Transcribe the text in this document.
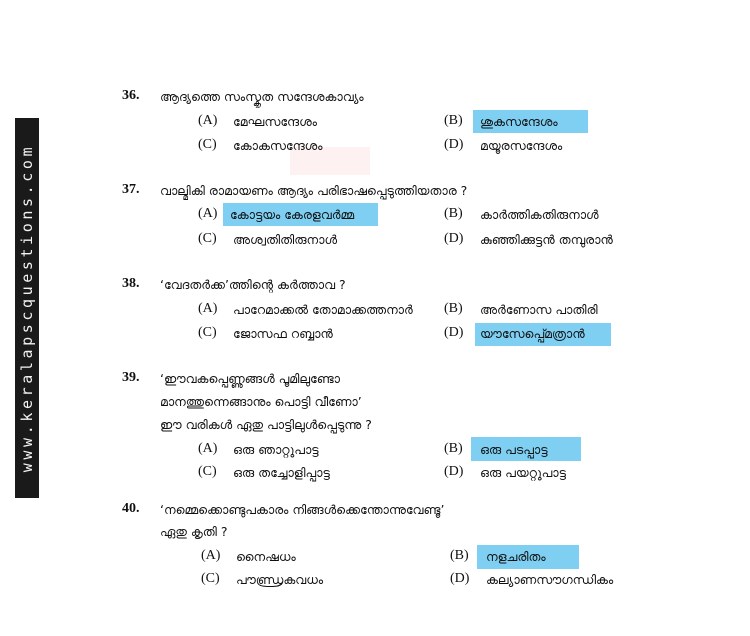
www.keralapscquestions.com
36. ആദ്യത്തെ സംസ്കൃത സന്ദേശകാവ്യം
(A) മേഘസന്ദേശം	(B) ശുകസന്ദേശം
(C) കോകസന്ദേശം	(D) മയൂരസന്ദേശം
37. വാല്മികി രാമായണം ആദ്യം പരിഭാഷപ്പെടുത്തിയതാര ?
(A) കോട്ടയം കേരളവർമ്മ	(B) കാർത്തികതിരുനാൾ
(C) അശ്വതിതിരുനാൾ	(D) കുഞ്ഞിക്കുട്ടൻ തമ്പുരാൻ
38. ‘വേദതർക്ക’ത്തിന്റെ കർത്താവ ?
(A) പാറേമാക്കൽ തോമാക്കത്തനാർ (B) അർണോസ പാതിരി
(C) ജോസഫ റബ്ബാൻ	(D) യൗസേപ്പ്മെത്രാൻ
39. ‘ഈവകപ്പെണ്ണുങ്ങൾ പൂമിലുണ്ടോ
മാനത്തുന്നെങ്ങാനും പൊട്ടി വീണോ’
ഈ വരികൾ ഏതു പാട്ടിലുൾപ്പെടുന്നു ?
(A) ഒരു ഞാറ്റുപാട്ട	(B) ഒരു പടപ്പാട്ട
(C) ഒരു തച്ചോളിപ്പാട്ട	(D) ഒരു പയറ്റുപാട്ട
40. ‘നമ്മെക്കൊണ്ടുപകാരം നിങ്ങൾക്കെന്തോന്നുവേണ്ടൂ’
ഏതു കൃതി ?
(A) നൈഷധം	(B) നളചരിതം
(C) പൗണ്ഡ്രകവധം	(D) കല്യാണസൗഗന്ധികം
